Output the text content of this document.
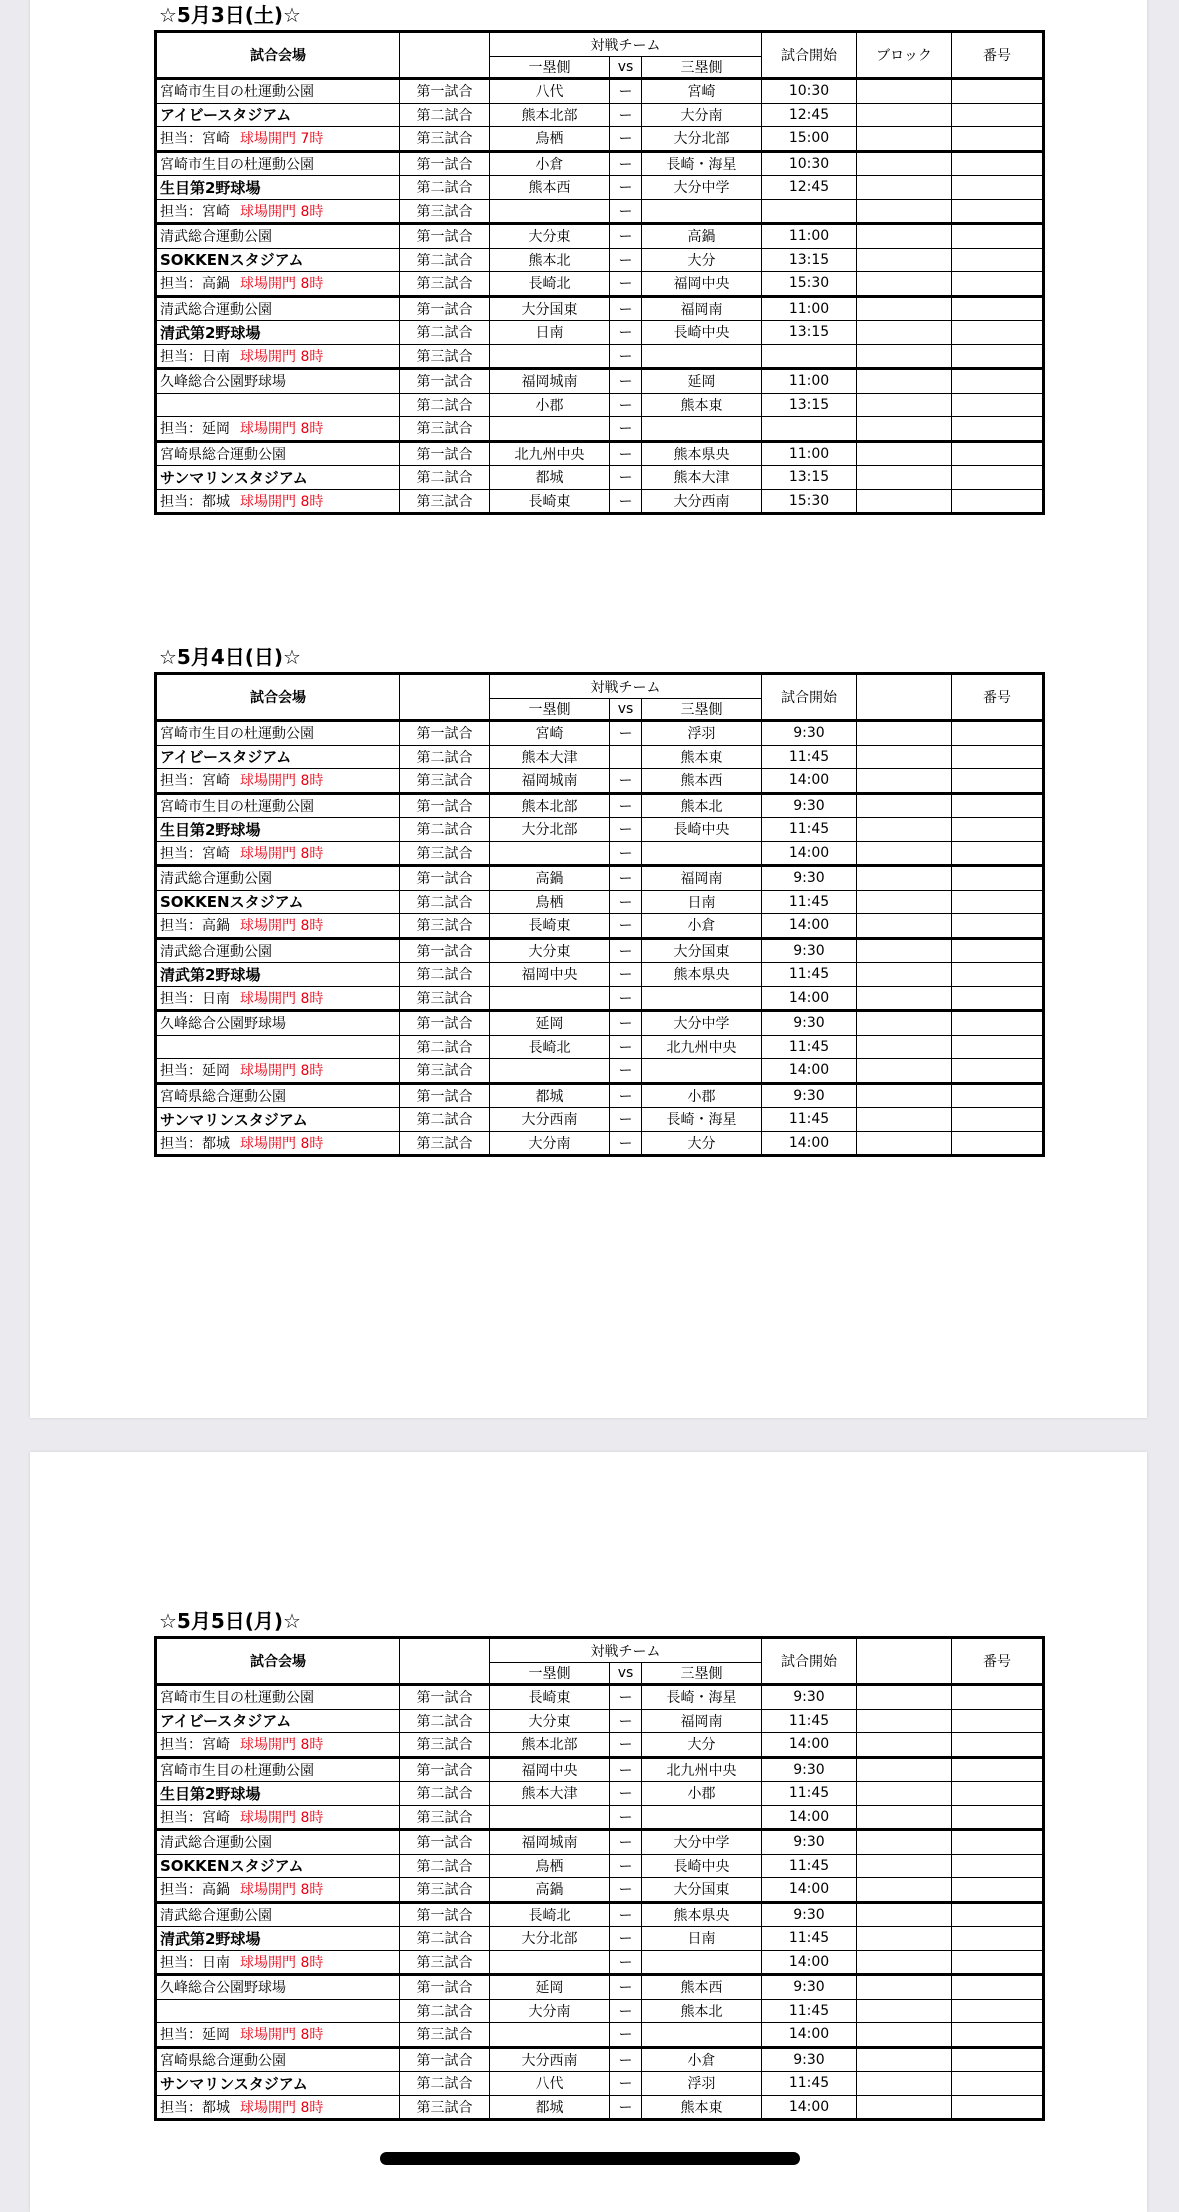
☆5月3日(土)☆
試合会場		対戦チーム			試合開始	ブロック	番号
		一塁側	vs	三塁側			
宮崎市生目の杜運動公園	第一試合	八代	ー	宮崎	10:30		
アイビースタジアム	第二試合	熊本北部	ー	大分南	12:45		
担当：宮崎 球場開門 7時	第三試合	鳥栖	ー	大分北部	15:00		
宮崎市生目の杜運動公園	第一試合	小倉	ー	長崎・海星	10:30		
生目第2野球場	第二試合	熊本西	ー	大分中学	12:45		
担当：宮崎 球場開門 8時	第三試合		ー				
清武総合運動公園	第一試合	大分東	ー	高鍋	11:00		
SOKKENスタジアム	第二試合	熊本北	ー	大分	13:15		
担当：高鍋 球場開門 8時	第三試合	長崎北	ー	福岡中央	15:30		
清武総合運動公園	第一試合	大分国東	ー	福岡南	11:00		
清武第2野球場	第二試合	日南	ー	長崎中央	13:15		
担当：日南 球場開門 8時	第三試合		ー				
久峰総合公園野球場	第一試合	福岡城南	ー	延岡	11:00		
	第二試合	小郡	ー	熊本東	13:15		
担当：延岡 球場開門 8時	第三試合		ー				
宮崎県総合運動公園	第一試合	北九州中央	ー	熊本県央	11:00		
サンマリンスタジアム	第二試合	都城	ー	熊本大津	13:15		
担当：都城 球場開門 8時	第三試合	長崎東	ー	大分西南	15:30		
☆5月4日(日)☆
試合会場		対戦チーム			試合開始		番号
		一塁側	vs	三塁側			
宮崎市生目の杜運動公園	第一試合	宮崎	ー	浮羽	9:30		
アイビースタジアム	第二試合	熊本大津		熊本東	11:45		
担当：宮崎 球場開門 8時	第三試合	福岡城南	ー	熊本西	14:00		
宮崎市生目の杜運動公園	第一試合	熊本北部	ー	熊本北	9:30		
生目第2野球場	第二試合	大分北部	ー	長崎中央	11:45		
担当：宮崎 球場開門 8時	第三試合		ー		14:00		
清武総合運動公園	第一試合	高鍋	ー	福岡南	9:30		
SOKKENスタジアム	第二試合	鳥栖	ー	日南	11:45		
担当：高鍋 球場開門 8時	第三試合	長崎東	ー	小倉	14:00		
清武総合運動公園	第一試合	大分東	ー	大分国東	9:30		
清武第2野球場	第二試合	福岡中央	ー	熊本県央	11:45		
担当：日南 球場開門 8時	第三試合		ー		14:00		
久峰総合公園野球場	第一試合	延岡	ー	大分中学	9:30		
	第二試合	長崎北	ー	北九州中央	11:45		
担当：延岡 球場開門 8時	第三試合		ー		14:00		
宮崎県総合運動公園	第一試合	都城	ー	小郡	9:30		
サンマリンスタジアム	第二試合	大分西南	ー	長崎・海星	11:45		
担当：都城 球場開門 8時	第三試合	大分南	ー	大分	14:00		
☆5月5日(月)☆
試合会場		対戦チーム			試合開始		番号
		一塁側	vs	三塁側			
宮崎市生目の杜運動公園	第一試合	長崎東	ー	長崎・海星	9:30		
アイビースタジアム	第二試合	大分東	ー	福岡南	11:45		
担当：宮崎 球場開門 8時	第三試合	熊本北部	ー	大分	14:00		
宮崎市生目の杜運動公園	第一試合	福岡中央	ー	北九州中央	9:30		
生目第2野球場	第二試合	熊本大津	ー	小郡	11:45		
担当：宮崎 球場開門 8時	第三試合		ー		14:00		
清武総合運動公園	第一試合	福岡城南	ー	大分中学	9:30		
SOKKENスタジアム	第二試合	鳥栖	ー	長崎中央	11:45		
担当：高鍋 球場開門 8時	第三試合	高鍋	ー	大分国東	14:00		
清武総合運動公園	第一試合	長崎北	ー	熊本県央	9:30		
清武第2野球場	第二試合	大分北部	ー	日南	11:45		
担当：日南 球場開門 8時	第三試合		ー		14:00		
久峰総合公園野球場	第一試合	延岡	ー	熊本西	9:30		
	第二試合	大分南	ー	熊本北	11:45		
担当：延岡 球場開門 8時	第三試合		ー		14:00		
宮崎県総合運動公園	第一試合	大分西南	ー	小倉	9:30		
サンマリンスタジアム	第二試合	八代	ー	浮羽	11:45		
担当：都城 球場開門 8時	第三試合	都城	ー	熊本東	14:00		
